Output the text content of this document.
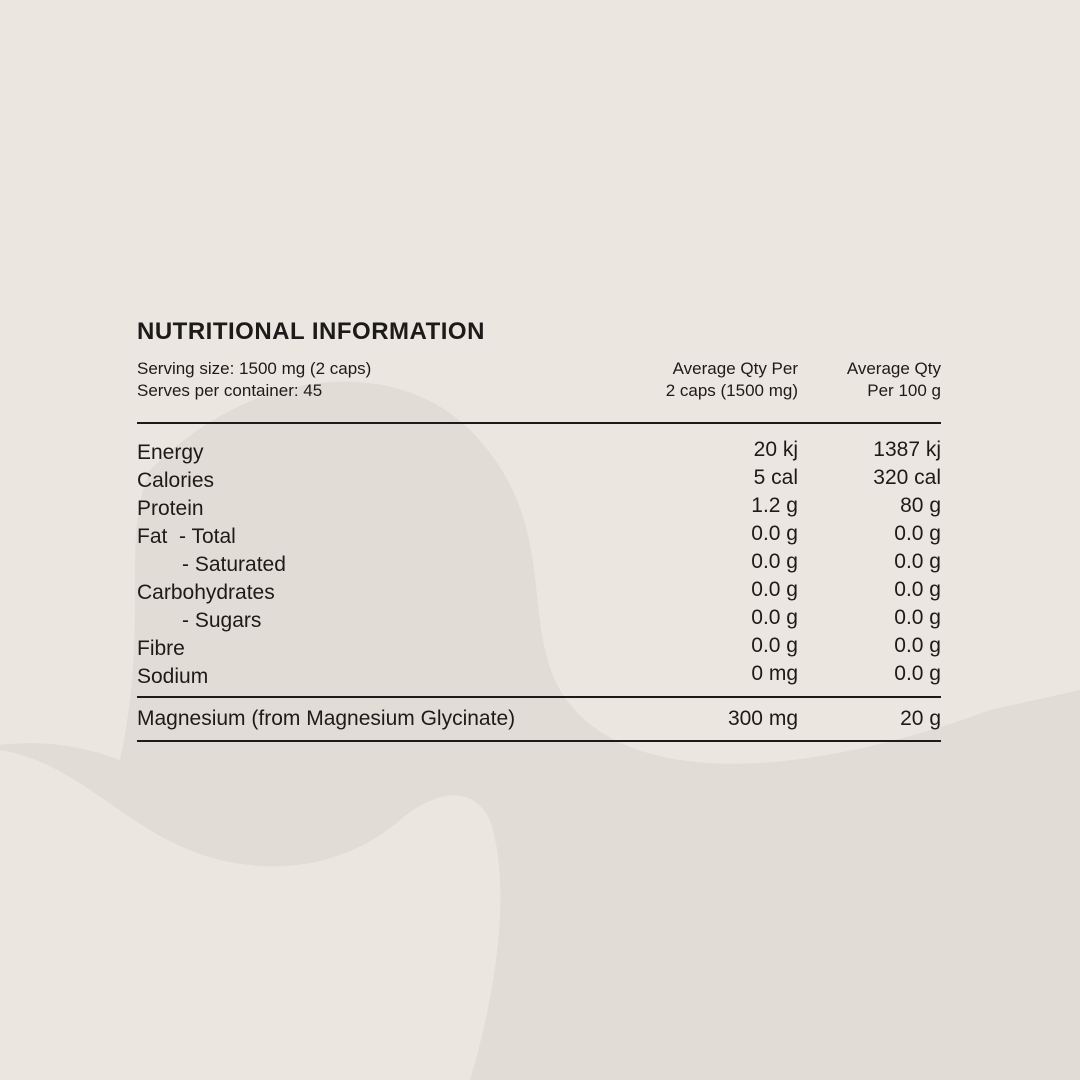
NUTRITIONAL INFORMATION
Serving size: 1500 mg (2 caps)
Serves per container: 45
Average Qty Per
2 caps (1500 mg)
Average Qty
Per 100 g
Energy	20 kj	1387 kj
Calories	5 cal	320 cal
Protein	1.2 g	80 g
Fat  - Total	0.0 g	0.0 g
- Saturated	0.0 g	0.0 g
Carbohydrates	0.0 g	0.0 g
- Sugars	0.0 g	0.0 g
Fibre	0.0 g	0.0 g
Sodium	0 mg	0.0 g
Magnesium (from Magnesium Glycinate)	300 mg	20 g
